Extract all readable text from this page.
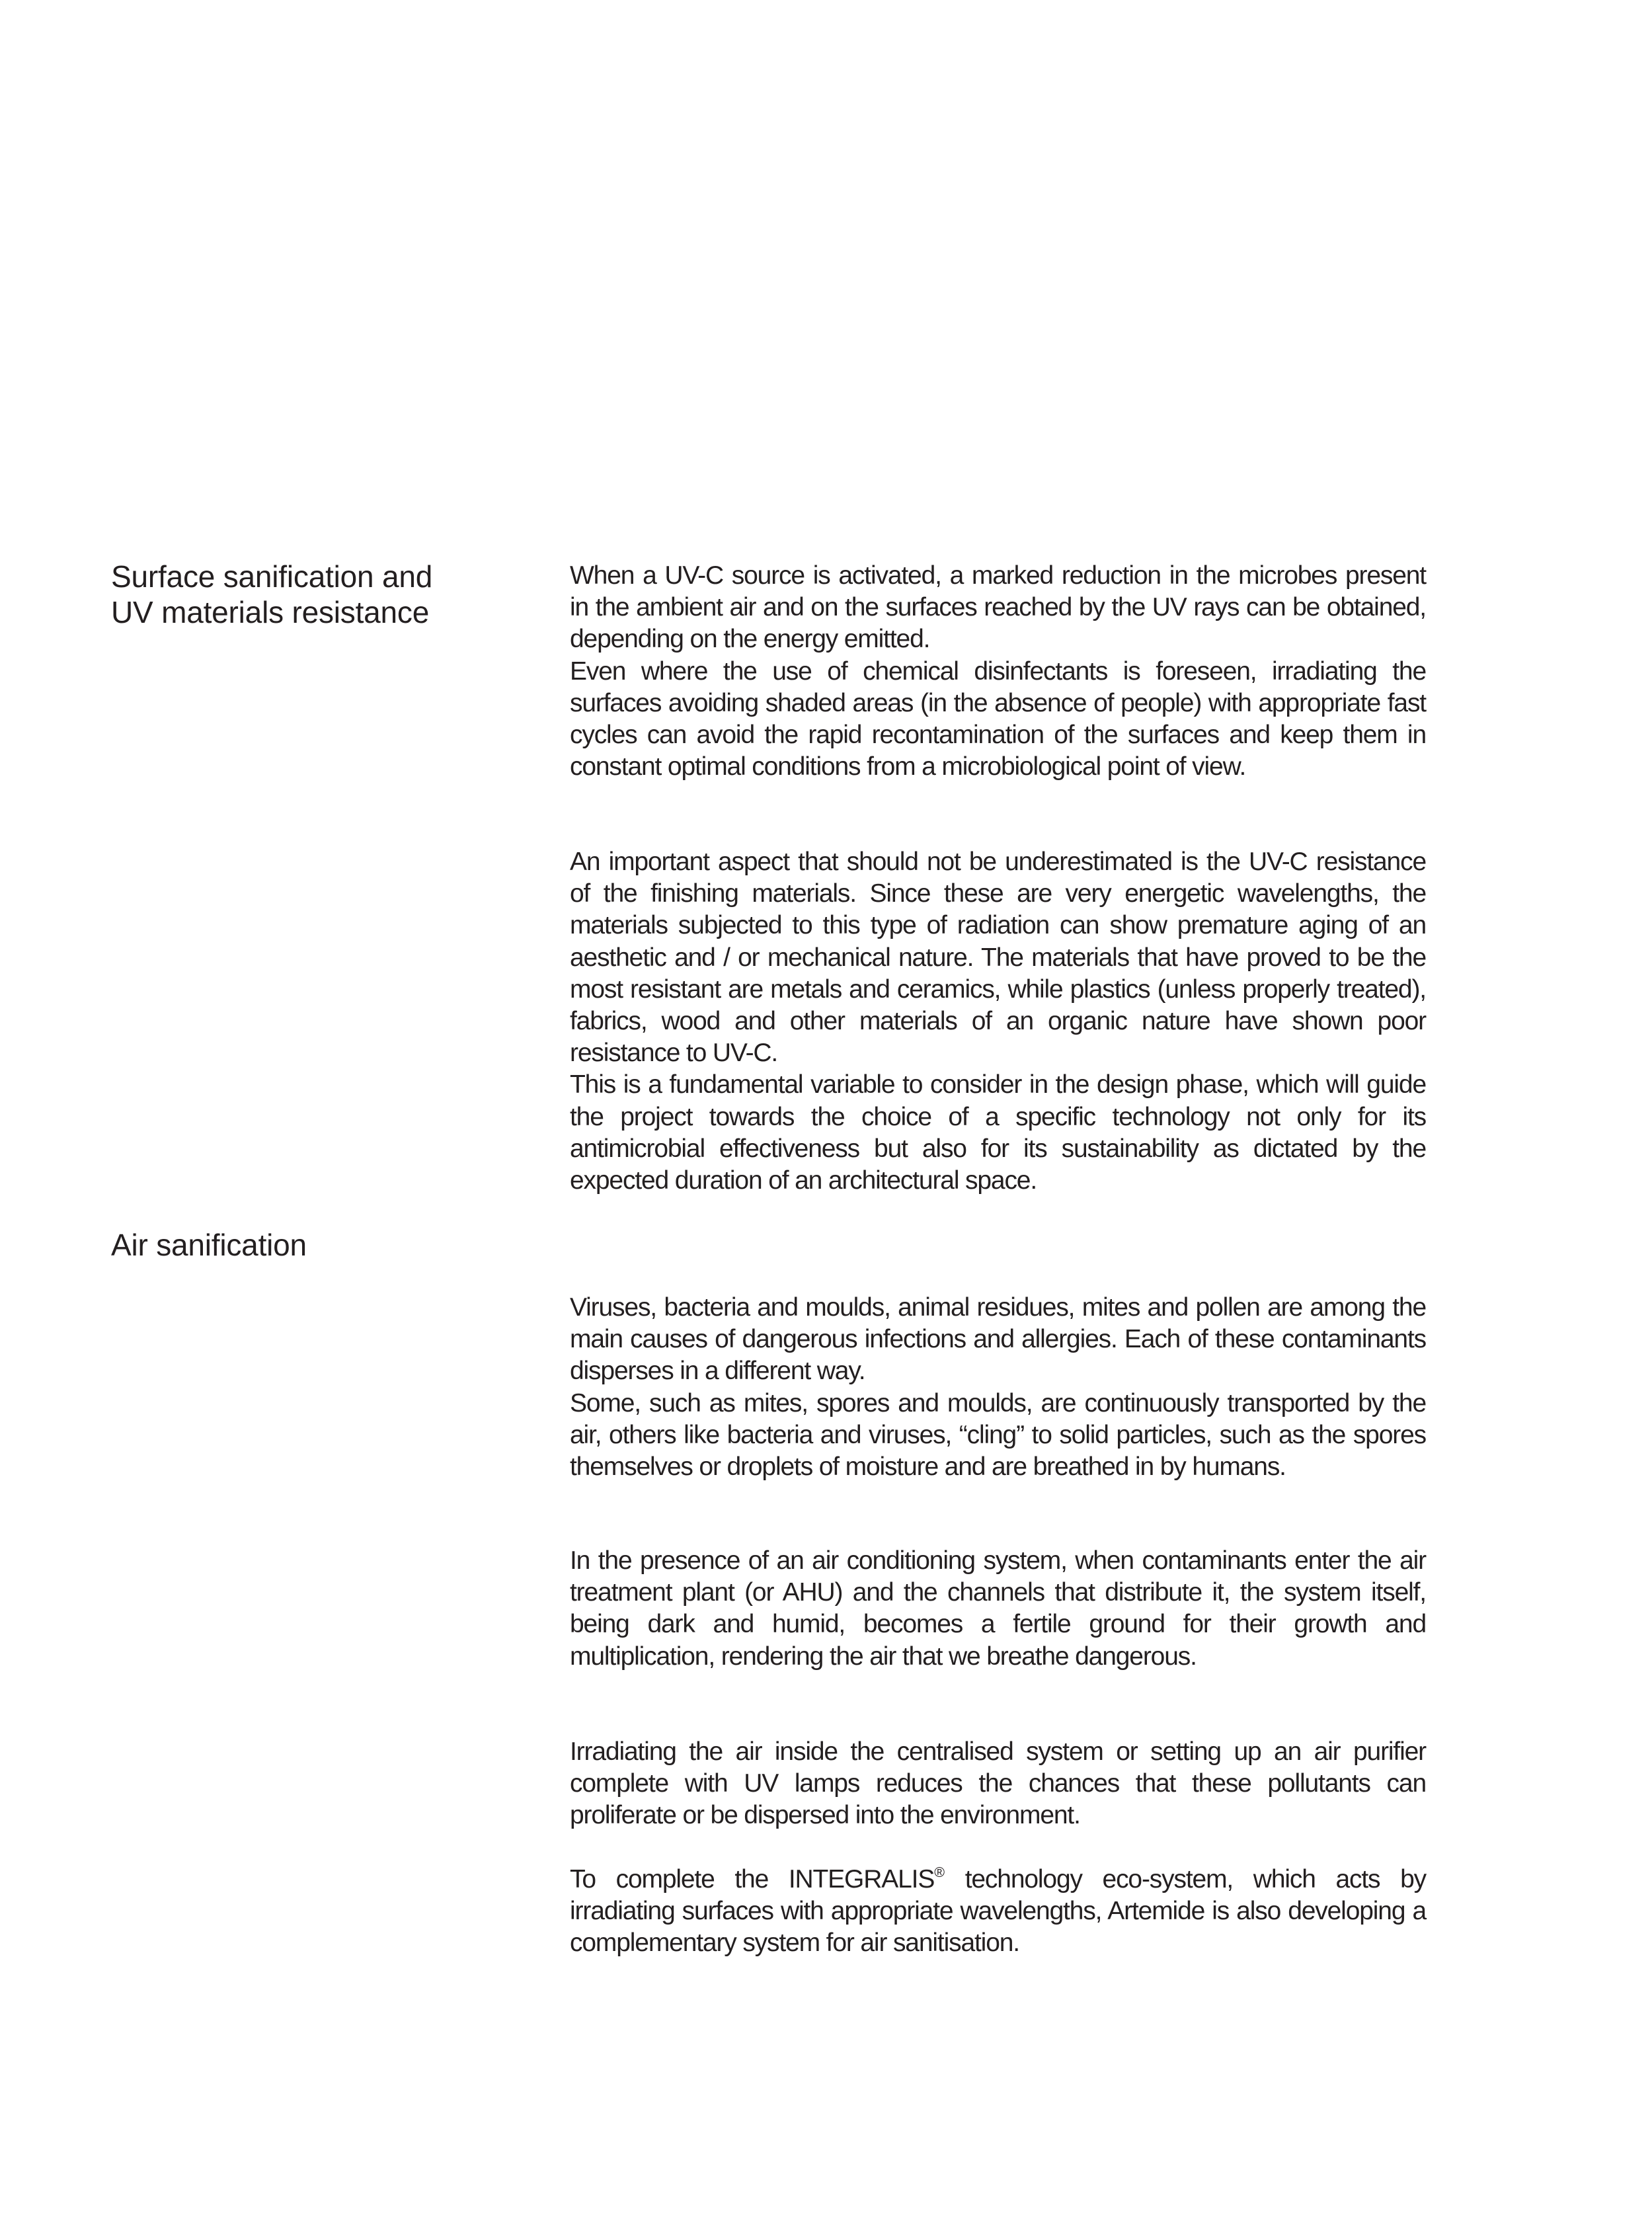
Surface sanification and
UV materials resistance
Air sanification

When a UV-C source is activated, a marked reduction in the microbes present in the ambient air and on the surfaces reached by the UV rays can be obtained, depending on the energy emitted.

Even where the use of chemical disinfectants is foreseen, irradiating the surfaces avoiding shaded areas (in the absence of people) with appropriate fast cycles can avoid the rapid recontamination of the surfaces and keep them in constant optimal conditions from a microbiological point of view.

An important aspect that should not be underestimated is the UV-C resistance of the finishing materials. Since these are very energetic wavelengths, the materials subjected to this type of radiation can show premature aging of an aesthetic and / or mechanical nature. The materials that have proved to be the most resistant are metals and ceramics, while plastics (unless properly treated), fabrics, wood and other materials of an organic nature have shown poor resistance to UV-C.

This is a fundamental variable to consider in the design phase, which will guide the project towards the choice of a specific technology not only for its antimicrobial effectiveness but also for its sustainability as dictated by the expected duration of an architectural space.

Viruses, bacteria and moulds, animal residues, mites and pollen are among the main causes of dangerous infections and allergies. Each of these contaminants disperses in a different way.

Some, such as mites, spores and moulds, are continuously transported by the air, others like bacteria and viruses, “cling” to solid particles, such as the spores themselves or droplets of moisture and are breathed in by humans.

In the presence of an air conditioning system, when contaminants enter the air treatment plant (or AHU) and the channels that distribute it, the system itself, being dark and humid, becomes a fertile ground for their growth and multiplication, rendering the air that we breathe dangerous.

Irradiating the air inside the centralised system or setting up an air purifier complete with UV lamps reduces the chances that these pollutants can proliferate or be dispersed into the environment.

To complete the INTEGRALIS® technology eco-system, which acts by irradiating surfaces with appropriate wavelengths, Artemide is also developing a complementary system for air sanitisation.
